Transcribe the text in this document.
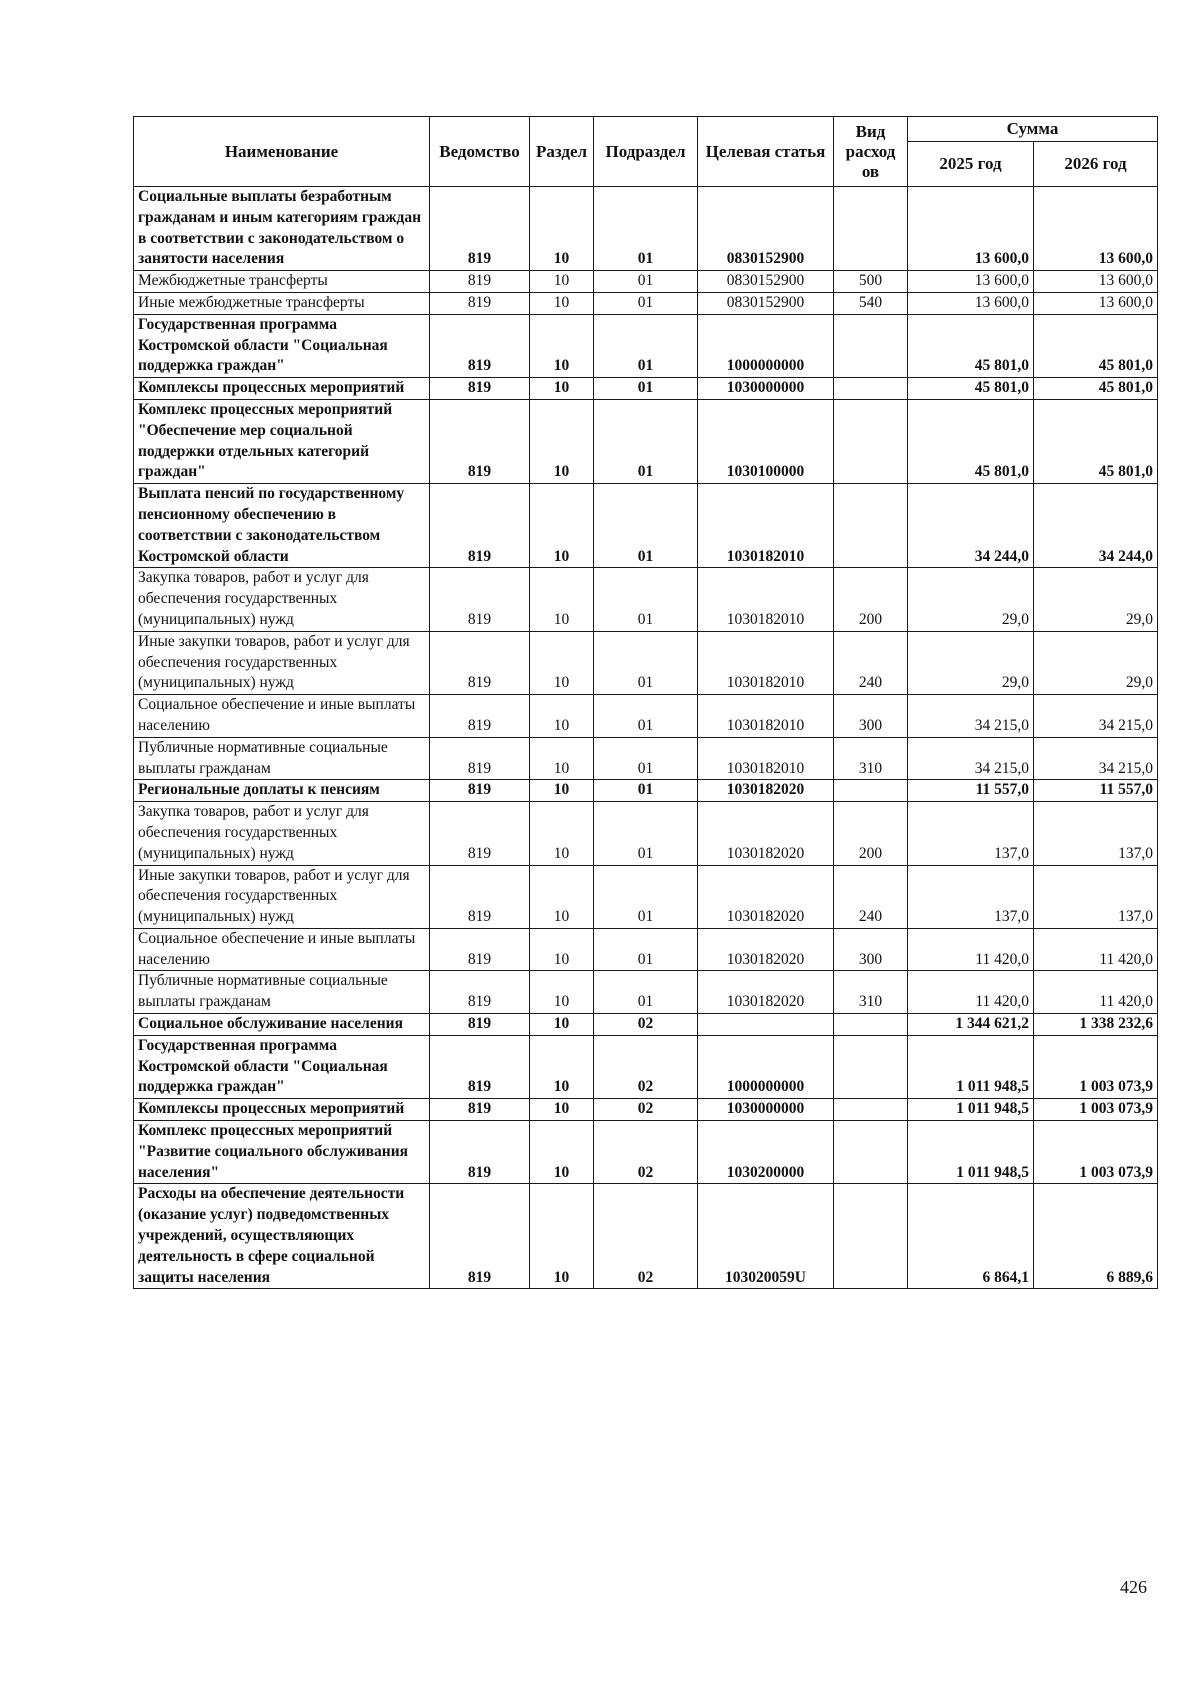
Наименование	Ведомство	Раздел	Подраздел	Целевая статья	Вид расход ов	Сумма	
						2025 год	2026 год
Социальные выплаты безработным гражданам и иным категориям граждан в соответствии с законодательством о занятости населения	819	10	01	0830152900		13 600,0	13 600,0
Межбюджетные трансферты	819	10	01	0830152900	500	13 600,0	13 600,0
Иные межбюджетные трансферты	819	10	01	0830152900	540	13 600,0	13 600,0
Государственная программа Костромской области "Социальная поддержка граждан"	819	10	01	1000000000		45 801,0	45 801,0
Комплексы процессных мероприятий	819	10	01	1030000000		45 801,0	45 801,0
Комплекс процессных мероприятий "Обеспечение мер социальной поддержки отдельных категорий граждан"	819	10	01	1030100000		45 801,0	45 801,0
Выплата пенсий по государственному пенсионному обеспечению в соответствии с законодательством Костромской области	819	10	01	1030182010		34 244,0	34 244,0
Закупка товаров, работ и услуг для обеспечения государственных (муниципальных) нужд	819	10	01	1030182010	200	29,0	29,0
Иные закупки товаров, работ и услуг для обеспечения государственных (муниципальных) нужд	819	10	01	1030182010	240	29,0	29,0
Социальное обеспечение и иные выплаты населению	819	10	01	1030182010	300	34 215,0	34 215,0
Публичные нормативные социальные выплаты гражданам	819	10	01	1030182010	310	34 215,0	34 215,0
Региональные доплаты к пенсиям	819	10	01	1030182020		11 557,0	11 557,0
Закупка товаров, работ и услуг для обеспечения государственных (муниципальных) нужд	819	10	01	1030182020	200	137,0	137,0
Иные закупки товаров, работ и услуг для обеспечения государственных (муниципальных) нужд	819	10	01	1030182020	240	137,0	137,0
Социальное обеспечение и иные выплаты населению	819	10	01	1030182020	300	11 420,0	11 420,0
Публичные нормативные социальные выплаты гражданам	819	10	01	1030182020	310	11 420,0	11 420,0
Социальное обслуживание населения	819	10	02			1 344 621,2	1 338 232,6
Государственная программа Костромской области "Социальная поддержка граждан"	819	10	02	1000000000		1 011 948,5	1 003 073,9
Комплексы процессных мероприятий	819	10	02	1030000000		1 011 948,5	1 003 073,9
Комплекс процессных мероприятий "Развитие социального обслуживания населения"	819	10	02	1030200000		1 011 948,5	1 003 073,9
Расходы на обеспечение деятельности (оказание услуг) подведомственных учреждений, осуществляющих деятельность в сфере социальной защиты населения	819	10	02	103020059U		6 864,1	6 889,6
426
